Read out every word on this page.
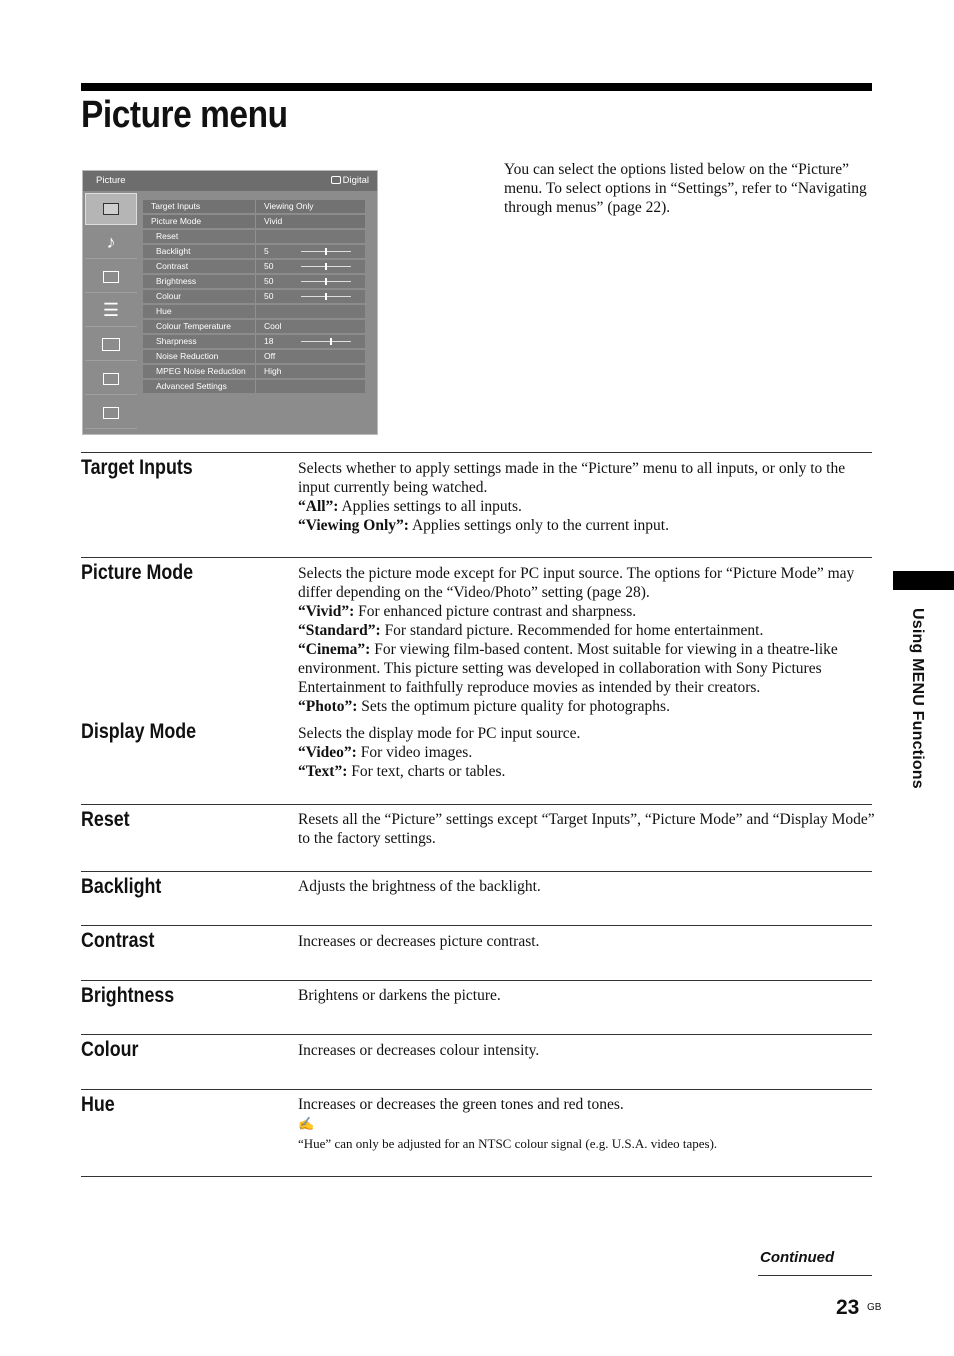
Picture menu

You can select the options listed below on the “Picture” menu. To select options in “Settings”, refer to “Navigating through menus” (page 22).

Picture	Digital
♪
☰
Target Inputs	Viewing Only
Picture Mode	Vivid
Reset
Backlight	5
Contrast	50
Brightness	50
Colour	50
Hue
Colour Temperature	Cool
Sharpness	18
Noise Reduction	Off
MPEG Noise Reduction	High
Advanced Settings
Target Inputs	Selects whether to apply settings made in the “Picture” menu to all inputs, or only to the input currently being watched.

“All”: Applies settings to all inputs.

“Viewing Only”: Applies settings only to the current input.

Picture Mode	Selects the picture mode except for PC input source. The options for “Picture Mode” may differ depending on the “Video/Photo” setting (page 28).

“Vivid”: For enhanced picture contrast and sharpness.

“Standard”: For standard picture. Recommended for home entertainment.

“Cinema”: For viewing film-based content. Most suitable for viewing in a theatre-like environment. This picture setting was developed in collaboration with Sony Pictures Entertainment to faithfully reproduce movies as intended by their creators.

“Photo”: Sets the optimum picture quality for photographs.

Display Mode	Selects the display mode for PC input source.

“Video”: For video images.

“Text”: For text, charts or tables.

Reset	Resets all the “Picture” settings except “Target Inputs”, “Picture Mode” and “Display Mode” to the factory settings.
Backlight	Adjusts the brightness of the backlight.
Contrast	Increases or decreases picture contrast.
Brightness	Brightens or darkens the picture.
Colour	Increases or decreases colour intensity.
Hue	Increases or decreases the green tones and red tones.

✍
“Hue” can only be adjusted for an NTSC colour signal (e.g. U.S.A. video tapes).
Using MENU Functions
Continued
23 GB
